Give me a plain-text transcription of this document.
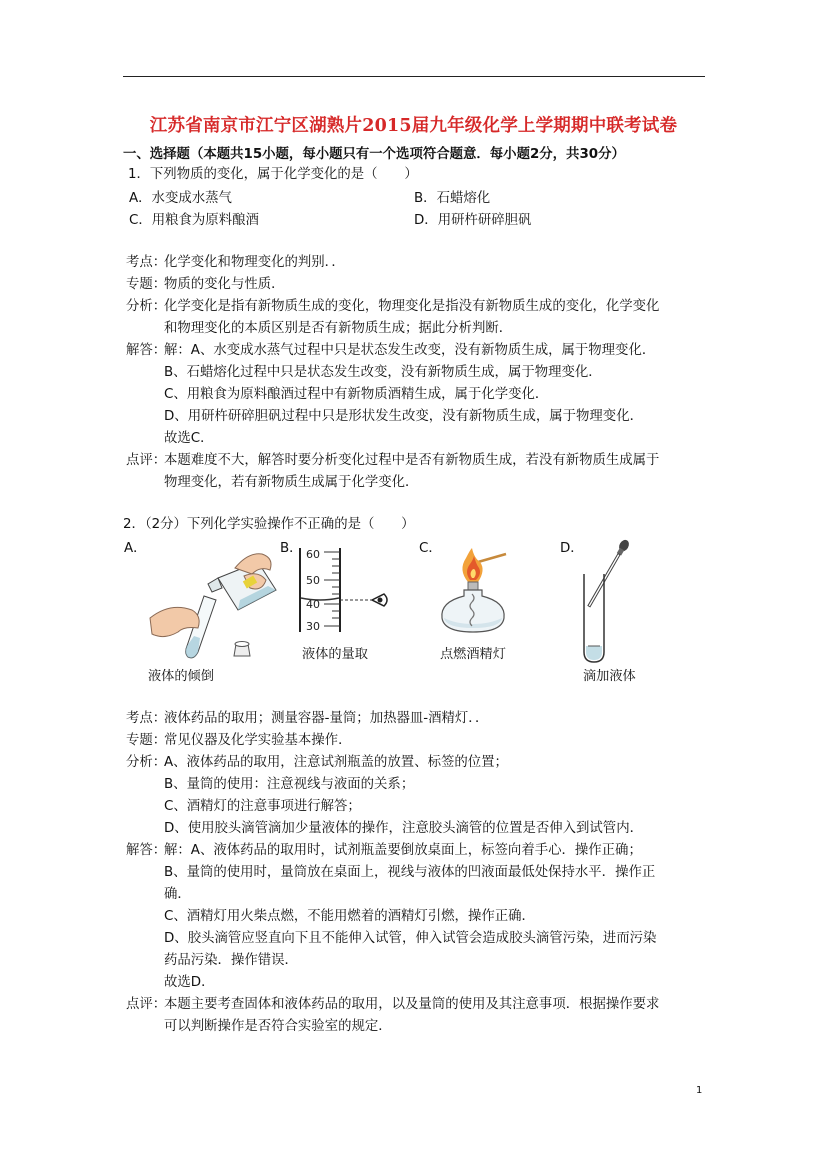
江苏省南京市江宁区湖熟片2015届九年级化学上学期期中联考试卷
一、选择题（本题共15小题，每小题只有一个选项符合题意．每小题2分，共30分）
1．下列物质的变化，属于化学变化的是（　　）
A．水变成水蒸气	B．石蜡熔化
C．用粮食为原料酿酒	D．用研杵研碎胆矾
考点：
化学变化和物理变化的判别．．
专题：
物质的变化与性质．
分析：
化学变化是指有新物质生成的变化，物理变化是指没有新物质生成的变化，化学变化
和物理变化的本质区别是否有新物质生成；据此分析判断．
解答：
解：A、水变成水蒸气过程中只是状态发生改变，没有新物质生成，属于物理变化．
B、石蜡熔化过程中只是状态发生改变，没有新物质生成，属于物理变化．
C、用粮食为原料酿酒过程中有新物质酒精生成，属于化学变化．
D、用研杵研碎胆矾过程中只是形状发生改变，没有新物质生成，属于物理变化．
故选C．
点评：
本题难度不大，解答时要分析变化过程中是否有新物质生成，若没有新物质生成属于
物理变化，若有新物质生成属于化学变化．
2．（2分）下列化学实验操作不正确的是（　　）
A．	B．	C．	D．
60
50
40
30
液体的倾倒
液体的量取	点燃酒精灯
滴加液体
考点：
液体药品的取用；测量容器-量筒；加热器皿-酒精灯．．
专题：
常见仪器及化学实验基本操作．
分析：
A、液体药品的取用，注意试剂瓶盖的放置、标签的位置；
B、量筒的使用：注意视线与液面的关系；
C、酒精灯的注意事项进行解答；
D、使用胶头滴管滴加少量液体的操作，注意胶头滴管的位置是否伸入到试管内．
解答：
解：A、液体药品的取用时，试剂瓶盖要倒放桌面上，标签向着手心．操作正确；
B、量筒的使用时，量筒放在桌面上，视线与液体的凹液面最低处保持水平．操作正
确．
C、酒精灯用火柴点燃，不能用燃着的酒精灯引燃，操作正确．
D、胶头滴管应竖直向下且不能伸入试管，伸入试管会造成胶头滴管污染，进而污染
药品污染．操作错误．
故选D．
点评：
本题主要考查固体和液体药品的取用，以及量筒的使用及其注意事项．根据操作要求
可以判断操作是否符合实验室的规定．
1
